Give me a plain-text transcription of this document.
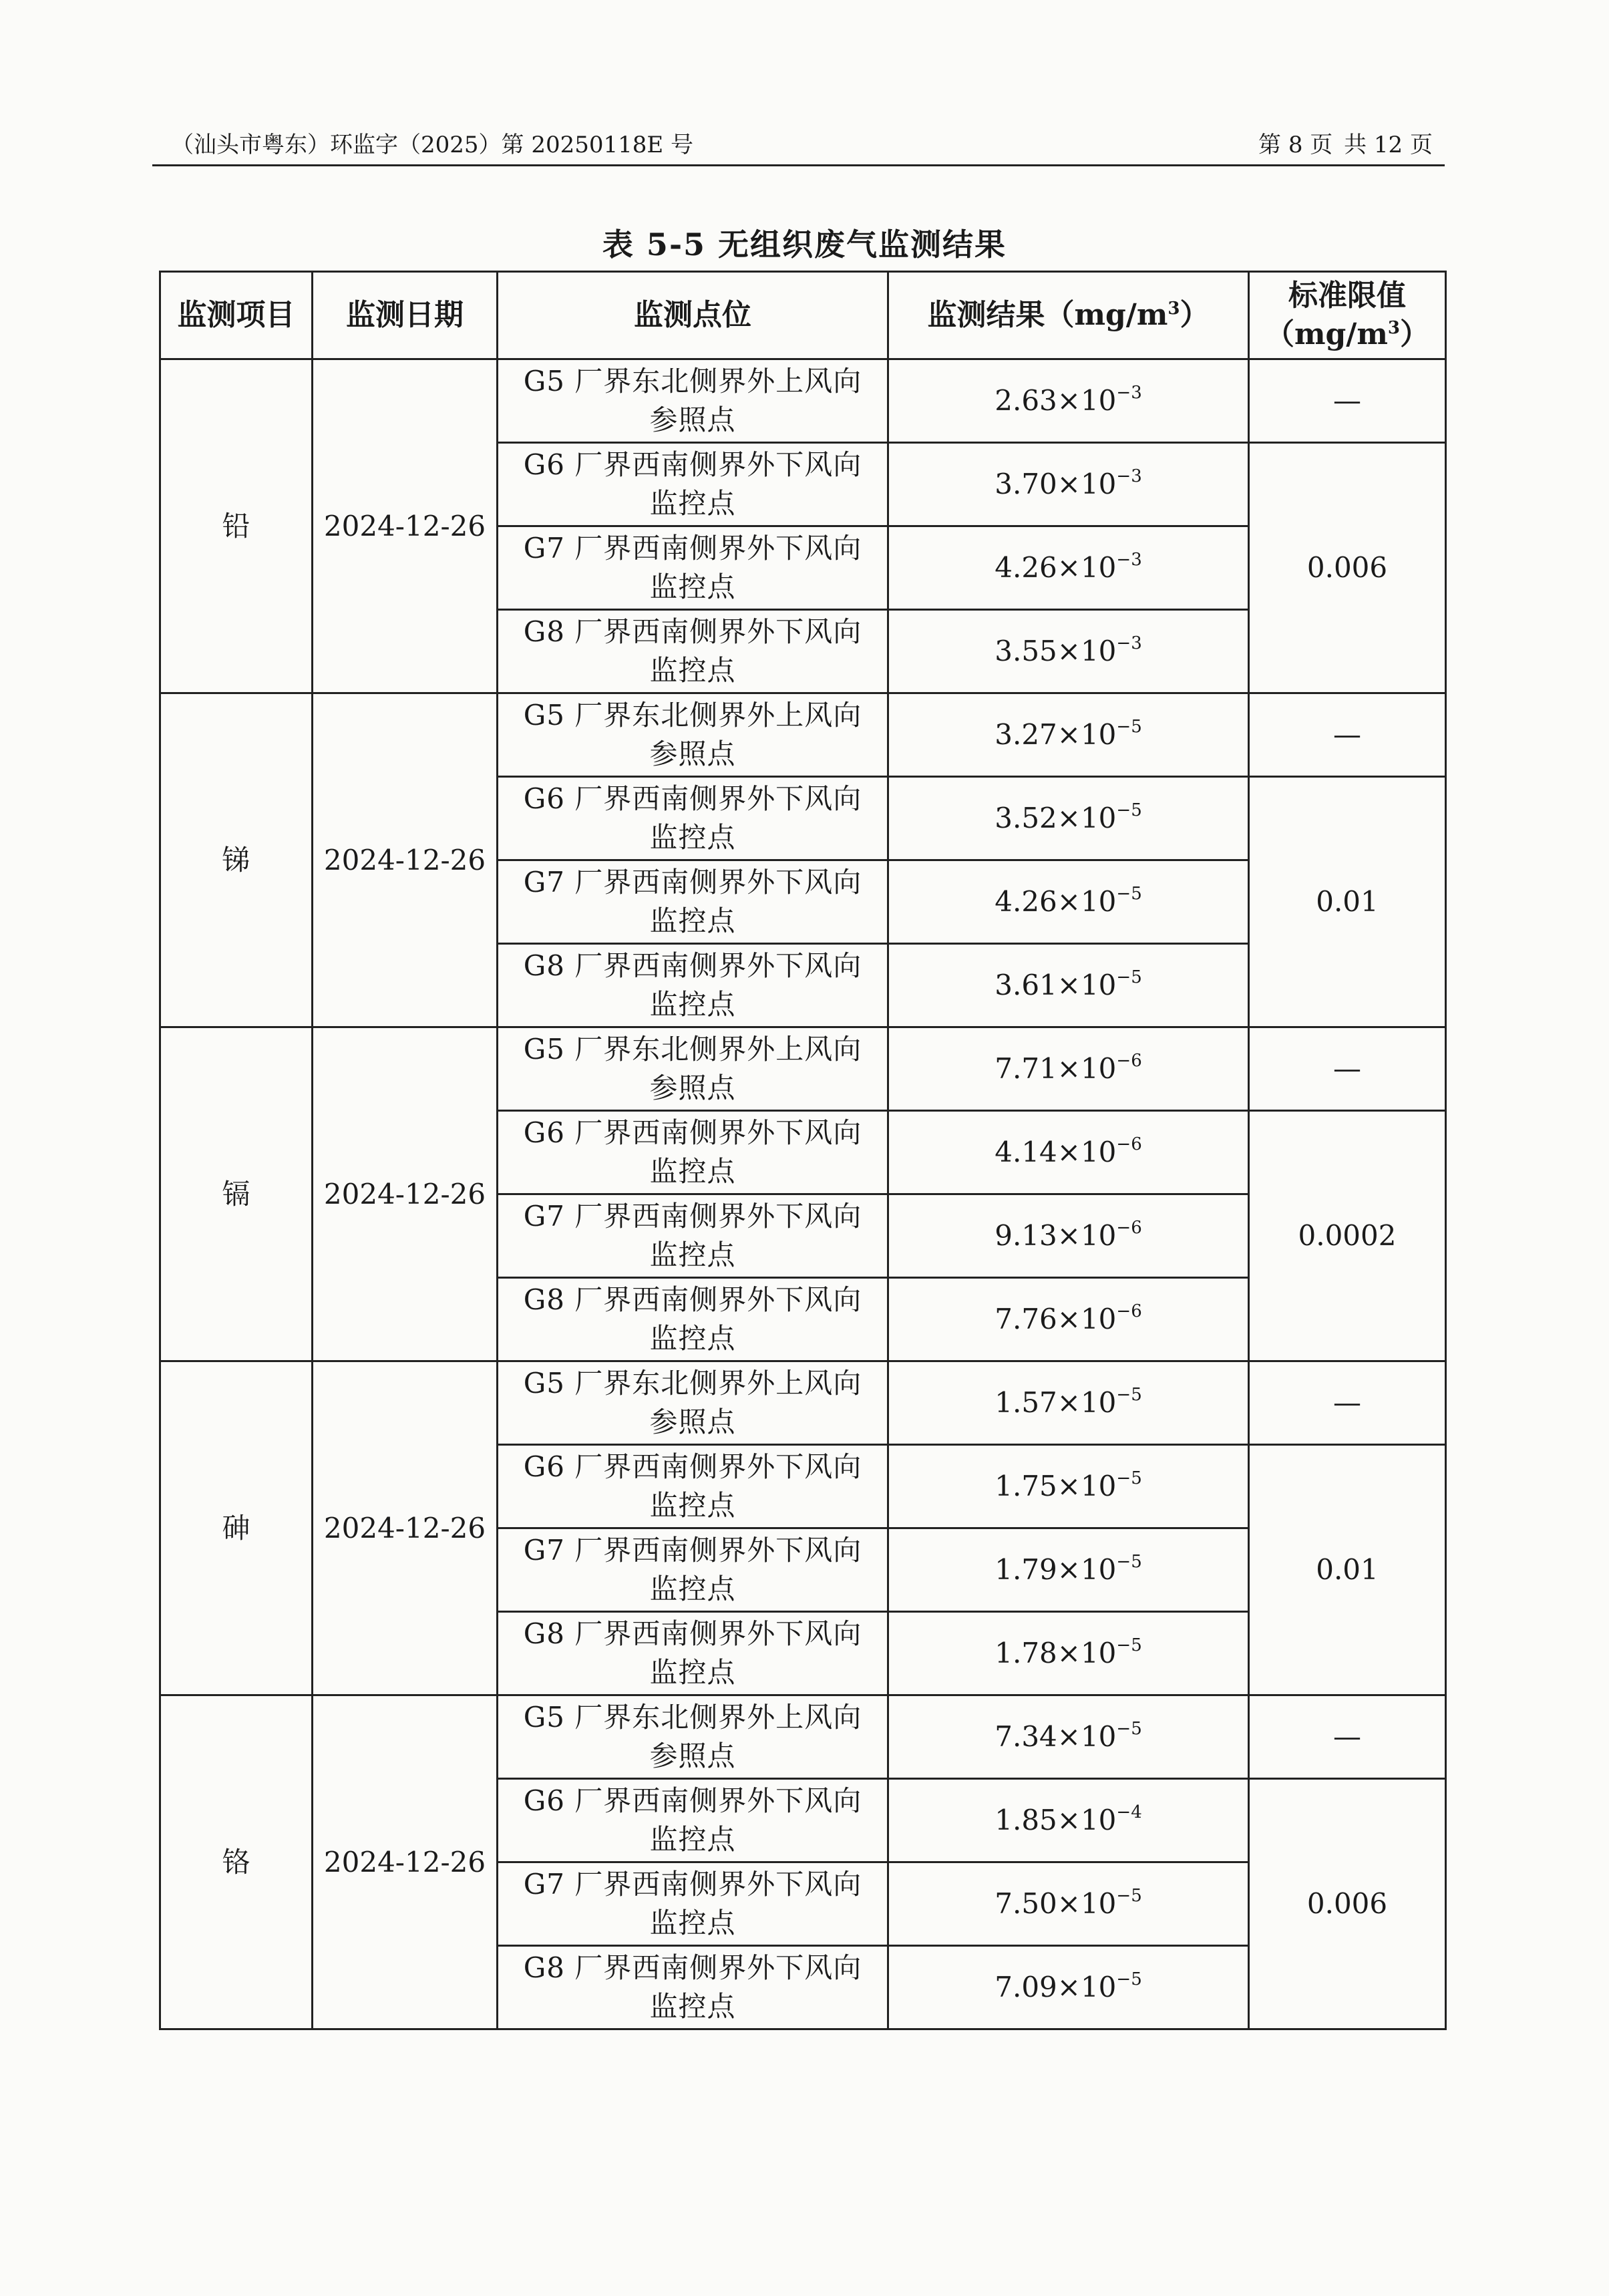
（汕头市粤东）环监字（2025）第 20250118E 号	第 8 页 共 12 页
表 5-5 无组织废气监测结果
监测项目	监测日期	监测点位	监测结果$(mg/m^3)$	标准限值
$(mg/m^3)$

铅	2024-12-26	G5 厂界东北侧界外上风向
参照点	$2.63\times 10^{-3}$	—

		G6 厂界西南侧界外下风向
监控点	$3.70\times 10^{-3}$	0.006

		G7 厂界西南侧界外下风向
监控点	$4.26\times 10^{-3}$

		G8 厂界西南侧界外下风向
监控点	$3.55\times 10^{-3}$
锑	2024-12-26	G5 厂界东北侧界外上风向
参照点	$3.27\times 10^{-5}$	—

		G6 厂界西南侧界外下风向
监控点	$3.52\times 10^{-5}$	0.01

		G7 厂界西南侧界外下风向
监控点	$4.26\times 10^{-5}$

		G8 厂界西南侧界外下风向
监控点	$3.61\times 10^{-5}$
镉	2024-12-26	G5 厂界东北侧界外上风向
参照点	$7.71\times 10^{-6}$	—

		G6 厂界西南侧界外下风向
监控点	$4.14\times 10^{-6}$	0.0002

		G7 厂界西南侧界外下风向
监控点	$9.13\times 10^{-6}$

		G8 厂界西南侧界外下风向
监控点	$7.76\times 10^{-6}$
砷	2024-12-26	G5 厂界东北侧界外上风向
参照点	$1.57\times 10^{-5}$	—

		G6 厂界西南侧界外下风向
监控点	$1.75\times 10^{-5}$	0.01

		G7 厂界西南侧界外下风向
监控点	$1.79\times 10^{-5}$

		G8 厂界西南侧界外下风向
监控点	$1.78\times 10^{-5}$
铬	2024-12-26	G5 厂界东北侧界外上风向
参照点	$7.34\times 10^{-5}$	—

		G6 厂界西南侧界外下风向
监控点	$1.85\times 10^{-4}$	0.006

		G7 厂界西南侧界外下风向
监控点	$7.50\times 10^{-5}$

		G8 厂界西南侧界外下风向
监控点	$7.09\times 10^{-5}$
